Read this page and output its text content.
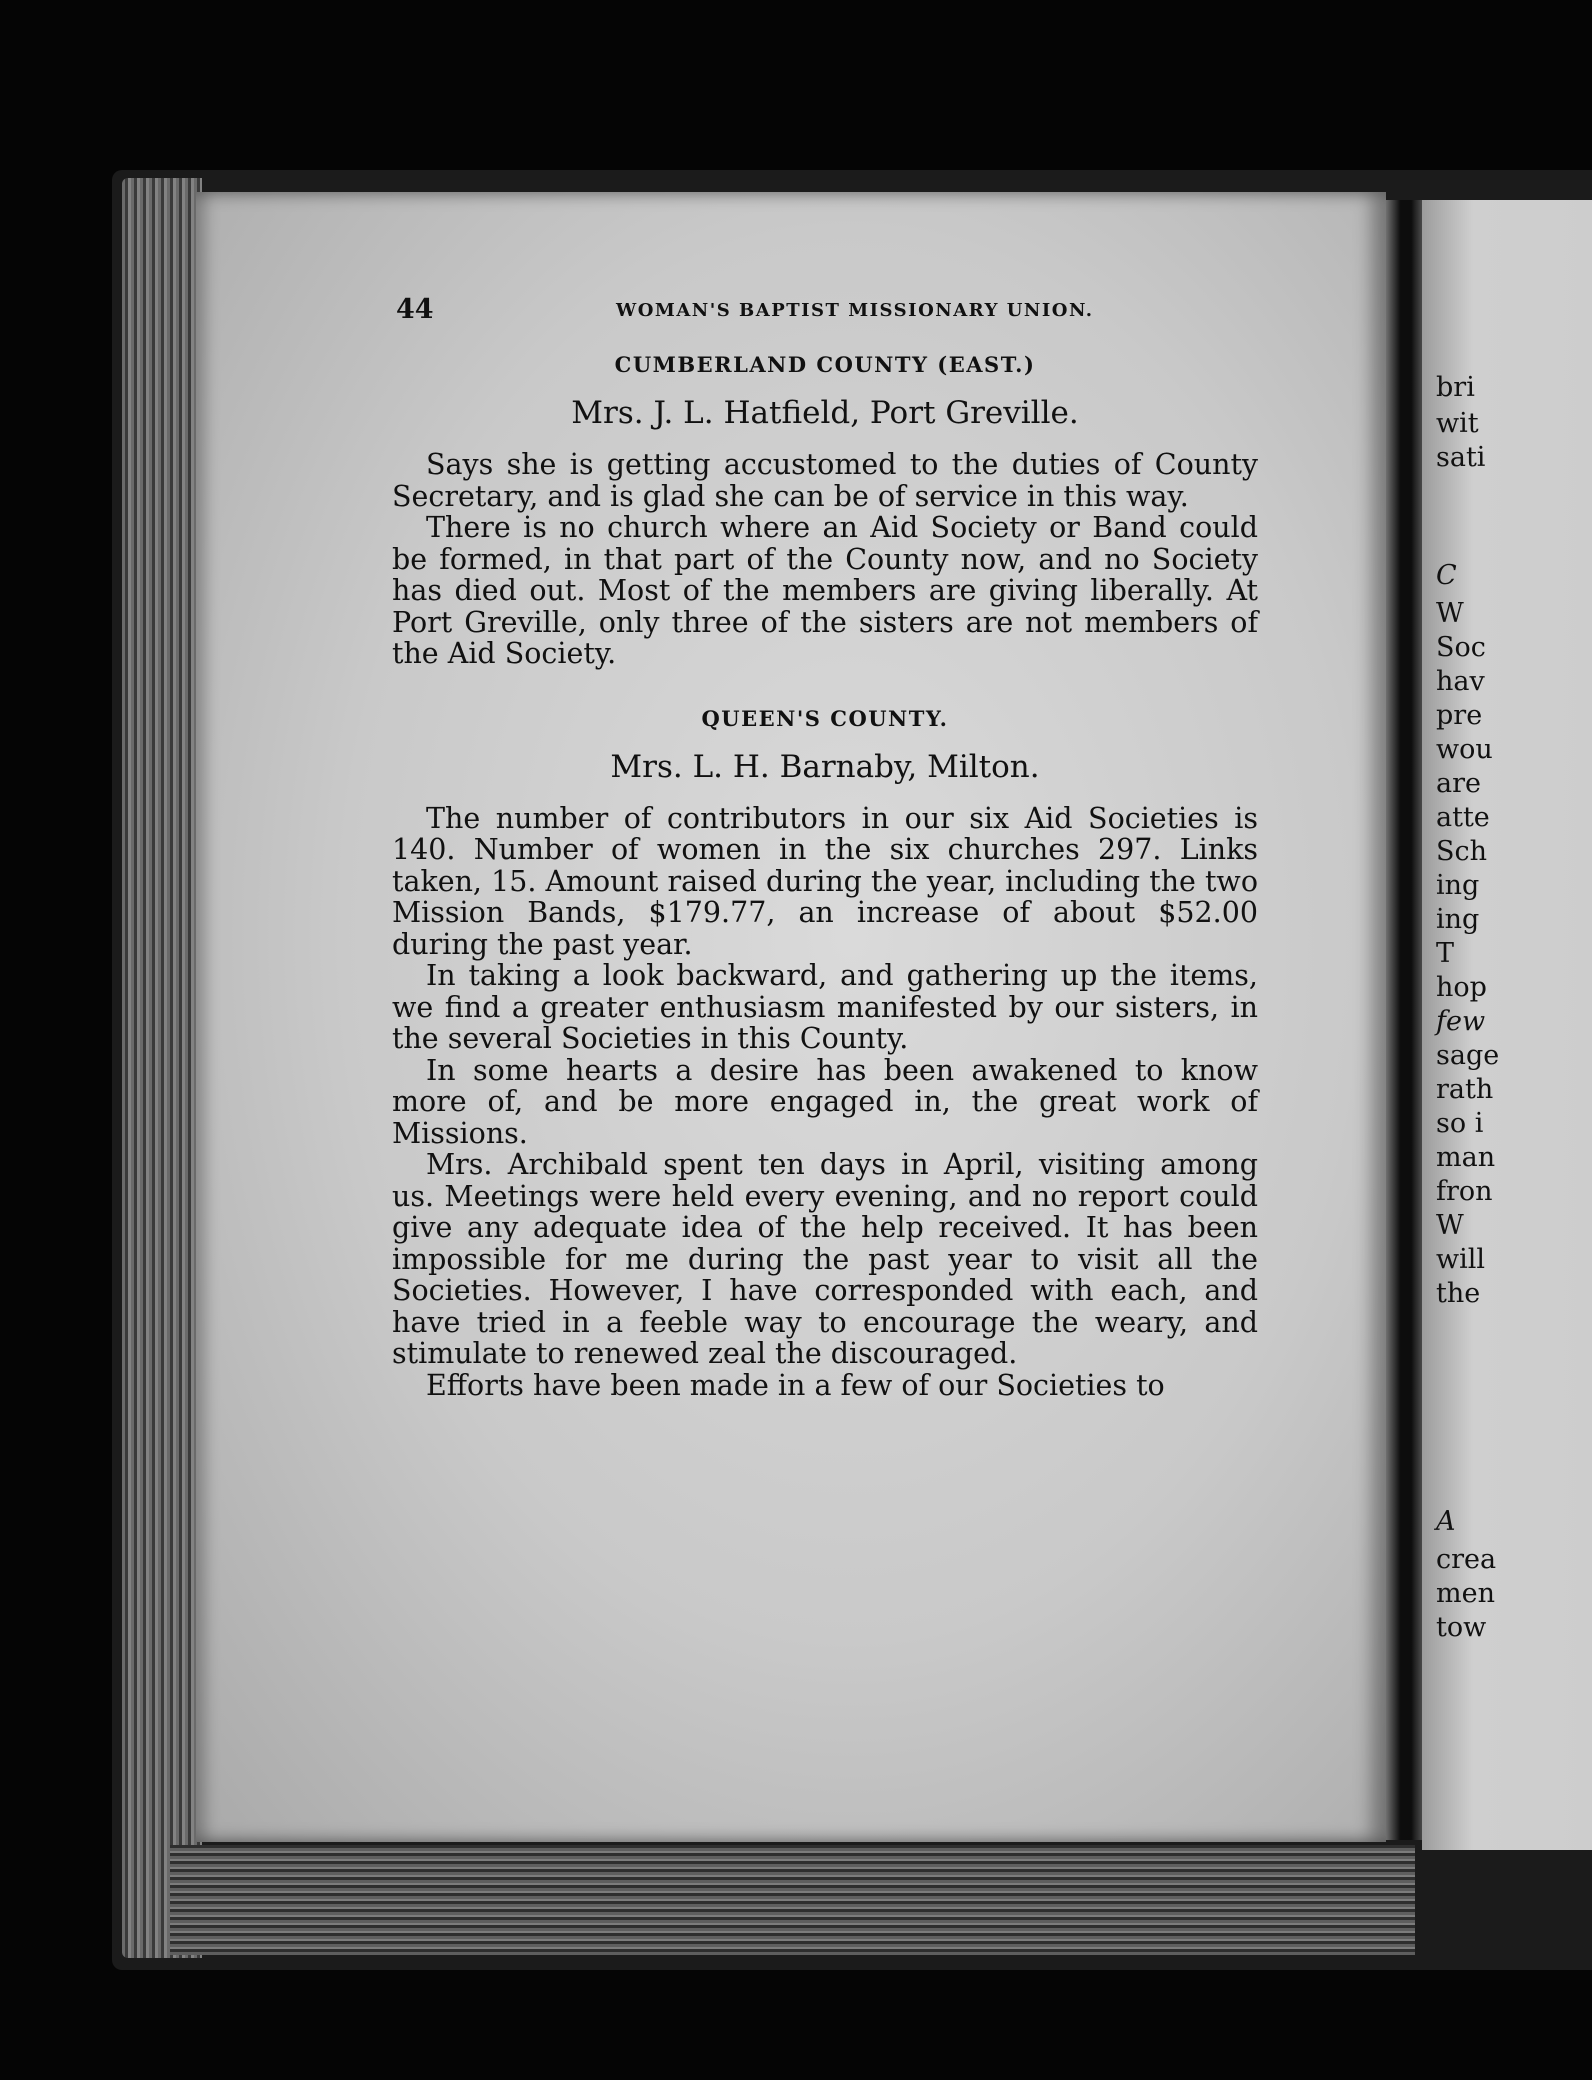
44	WOMAN'S BAPTIST MISSIONARY UNION.
CUMBERLAND COUNTY (EAST.)
Mrs. J. L. Hatfield, Port Greville.

Says she is getting accustomed to the duties of County Secretary, and is glad she can be of service in this way.

There is no church where an Aid Society or Band could be formed, in that part of the County now, and no Society has died out. Most of the members are giving liberally. At Port Greville, only three of the sisters are not members of the Aid Society.

QUEEN'S COUNTY.
Mrs. L. H. Barnaby, Milton.

The number of contributors in our six Aid Societies is 140. Number of women in the six churches 297. Links taken, 15. Amount raised during the year, including the two Mission Bands, $179.77, an increase of about $52.00 during the past year.

In taking a look backward, and gathering up the items, we find a greater enthusiasm manifested by our sisters, in the several Societies in this County.

In some hearts a desire has been awakened to know more of, and be more engaged in, the great work of Missions.

Mrs. Archibald spent ten days in April, visiting among us. Meetings were held every evening, and no report could give any adequate idea of the help received. It has been impossible for me during the past year to visit all the Societies. However, I have corresponded with each, and have tried in a feeble way to encourage the weary, and stimulate to renewed zeal the discouraged.

Efforts have been made in a few of our Societies to

bri
wit
sati
C
W
Soc
hav
pre
wou
are
atte
Sch
ing
ing
T
hop
few
sage
rath
so i
man
fron
W
will
the
A
crea
men
tow
